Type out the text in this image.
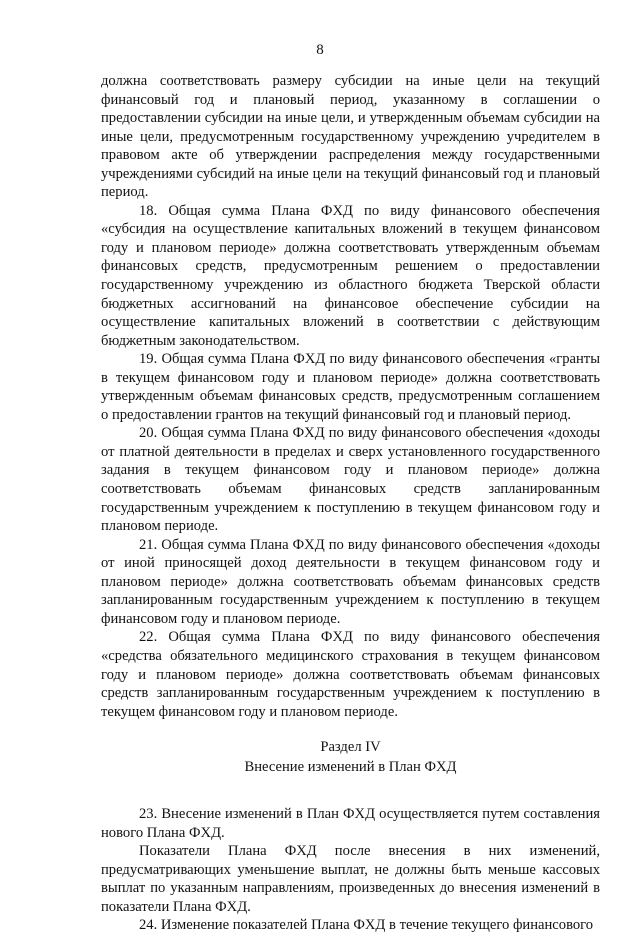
8

должна соответствовать размеру субсидии на иные цели на текущий финансовый год и плановый период, указанному в соглашении о предоставлении субсидии на иные цели, и утвержденным объемам субсидии на иные цели, предусмотренным государственному учреждению учредителем в правовом акте об утверждении распределения между государственными учреждениями субсидий на иные цели на текущий финансовый год и плановый период.

18. Общая сумма Плана ФХД по виду финансового обеспечения «субсидия на осуществление капитальных вложений в текущем финансовом году и плановом периоде» должна соответствовать утвержденным объемам финансовых средств, предусмотренным решением о предоставлении государственному учреждению из областного бюджета Тверской области бюджетных ассигнований на финансовое обеспечение субсидии на осуществление капитальных вложений в соответствии с действующим бюджетным законодательством.

19. Общая сумма Плана ФХД по виду финансового обеспечения «гранты в текущем финансовом году и плановом периоде» должна соответствовать утвержденным объемам финансовых средств, предусмотренным соглашением о предоставлении грантов на текущий финансовый год и плановый период.

20. Общая сумма Плана ФХД по виду финансового обеспечения «доходы от платной деятельности в пределах и сверх установленного государственного задания в текущем финансовом году и плановом периоде» должна соответствовать объемам финансовых средств запланированным государственным учреждением к поступлению в текущем финансовом году и плановом периоде.

21. Общая сумма Плана ФХД по виду финансового обеспечения «доходы от иной приносящей доход деятельности в текущем финансовом году и плановом периоде» должна соответствовать объемам финансовых средств запланированным государственным учреждением к поступлению в текущем финансовом году и плановом периоде.

22. Общая сумма Плана ФХД по виду финансового обеспечения «средства обязательного медицинского страхования в текущем финансовом году и плановом периоде» должна соответствовать объемам финансовых средств запланированным государственным учреждением к поступлению в текущем финансовом году и плановом периоде.

Раздел IV
Внесение изменений в План ФХД

23. Внесение изменений в План ФХД осуществляется путем составления нового Плана ФХД.

Показатели Плана ФХД после внесения в них изменений, предусматривающих уменьшение выплат, не должны быть меньше кассовых выплат по указанным направлениям, произведенных до внесения изменений в показатели Плана ФХД.

24. Изменение показателей Плана ФХД в течение текущего финансового
